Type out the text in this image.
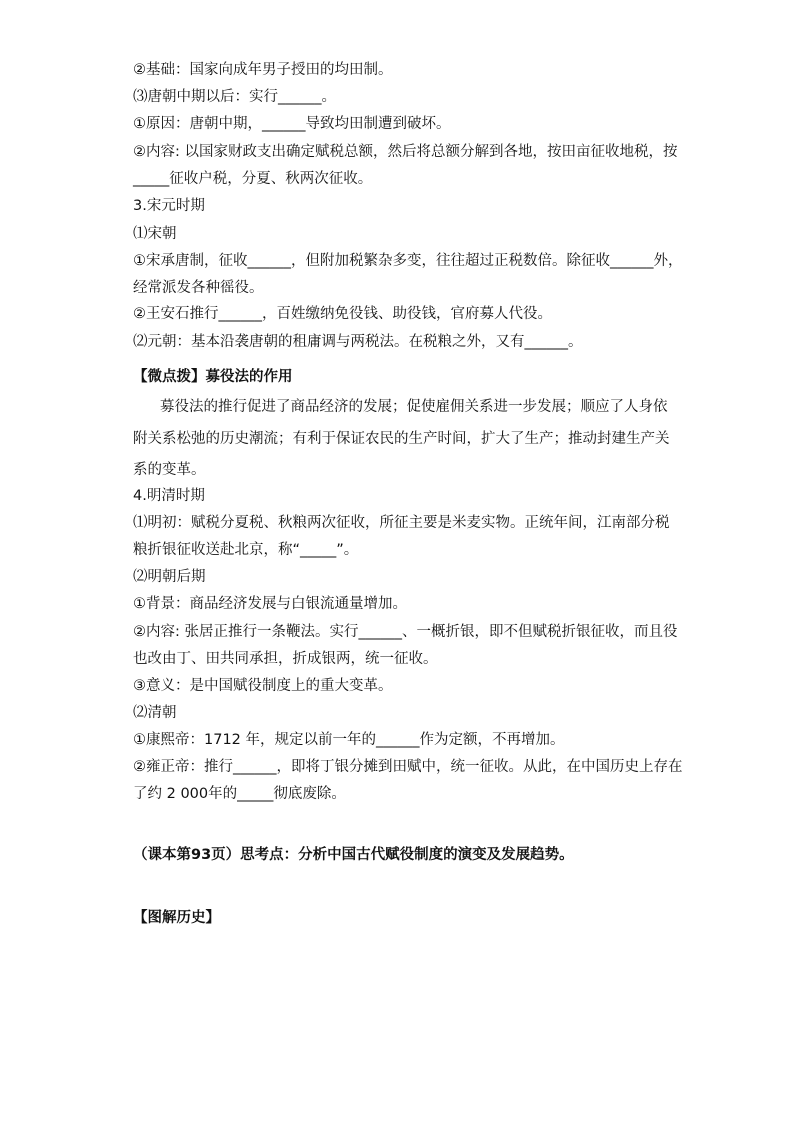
②基础：国家向成年男子授田的均田制。
⑶唐朝中期以后：实行______。
①原因：唐朝中期，______导致均田制遭到破坏。
②内容: 以国家财政支出确定赋税总额，然后将总额分解到各地，按田亩征收地税，按
_____征收户税，分夏、秋两次征收。
3.宋元时期
⑴宋朝
①宋承唐制，征收______，但附加税繁杂多变，往往超过正税数倍。除征收______外，
经常派发各种徭役。
②王安石推行______，百姓缴纳免役钱、助役钱，官府募人代役。
⑵元朝：基本沿袭唐朝的租庸调与两税法。在税粮之外，又有______。
【微点拨】募役法的作用
募役法的推行促进了商品经济的发展；促使雇佣关系进一步发展；顺应了人身依
附关系松弛的历史潮流；有利于保证农民的生产时间，扩大了生产；推动封建生产关
系的变革。
4.明清时期
⑴明初：赋税分夏税、秋粮两次征收，所征主要是米麦实物。正统年间，江南部分税
粮折银征收送赴北京，称“_____”。
⑵明朝后期
①背景：商品经济发展与白银流通量增加。
②内容: 张居正推行一条鞭法。实行______、一概折银，即不但赋税折银征收，而且役
也改由丁、田共同承担，折成银两，统一征收。
③意义：是中国赋役制度上的重大变革。
⑵清朝
①康熙帝：1712 年，规定以前一年的______作为定额，不再增加。
②雍正帝：推行______，即将丁银分摊到田赋中，统一征收。从此，在中国历史上存在
了约 2 000年的_____彻底废除。
（课本第93页）思考点：分析中国古代赋役制度的演变及发展趋势。
【图解历史】
